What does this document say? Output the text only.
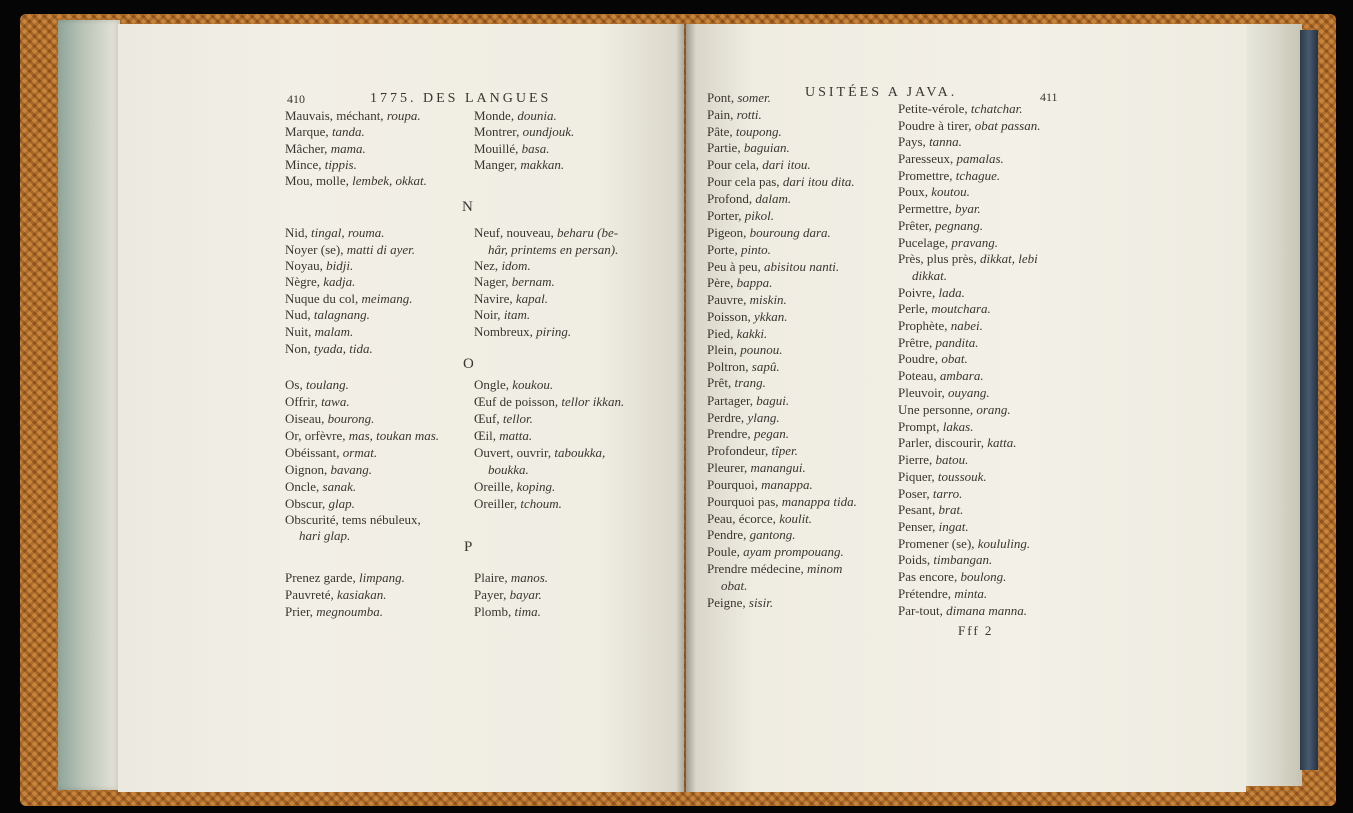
410	1775. DES LANGUES	USITÉES A JAVA.	411
N
O
P
Fff 2
Mauvais, méchant, roupa.
Marque, tanda.
Mâcher, mama.
Mince, tippis.
Mou, molle, lembek, okkat.
Nid, tingal, rouma.
Noyer (se), matti di ayer.
Noyau, bidji.
Nègre, kadja.
Nuque du col, meimang.
Nud, talagnang.
Nuit, malam.
Non, tyada, tida.
Os, toulang.
Offrir, tawa.
Oiseau, bourong.
Or, orfèvre, mas, toukan mas.
Obéissant, ormat.
Oignon, bavang.
Oncle, sanak.
Obscur, glap.
Obscurité, tems nébuleux,
hari glap.
Prenez garde, limpang.
Pauvreté, kasiakan.
Prier, megnoumba.
Monde, dounia.
Montrer, oundjouk.
Mouillé, basa.
Manger, makkan.
Neuf, nouveau, beharu (be-
hâr, printems en persan).
Nez, idom.
Nager, bernam.
Navire, kapal.
Noir, itam.
Nombreux, piring.
Ongle, koukou.
Œuf de poisson, tellor ikkan.
Œuf, tellor.
Œil, matta.
Ouvert, ouvrir, taboukka,
boukka.
Oreille, koping.
Oreiller, tchoum.
Plaire, manos.
Payer, bayar.
Plomb, tima.
Pont, somer.
Pain, rotti.
Pâte, toupong.
Partie, baguian.
Pour cela, dari itou.
Pour cela pas, dari itou dita.
Profond, dalam.
Porter, pikol.
Pigeon, bouroung dara.
Porte, pinto.
Peu à peu, abisitou nanti.
Père, bappa.
Pauvre, miskin.
Poisson, ykkan.
Pied, kakki.
Plein, pounou.
Poltron, sapû.
Prêt, trang.
Partager, bagui.
Perdre, ylang.
Prendre, pegan.
Profondeur, tîper.
Pleurer, manangui.
Pourquoi, manappa.
Pourquoi pas, manappa tida.
Peau, écorce, koulit.
Pendre, gantong.
Poule, ayam prompouang.
Prendre médecine, minom
obat.
Peigne, sisir.
Petite-vérole, tchatchar.
Poudre à tirer, obat passan.
Pays, tanna.
Paresseux, pamalas.
Promettre, tchague.
Poux, koutou.
Permettre, byar.
Prêter, pegnang.
Pucelage, pravang.
Près, plus près, dikkat, lebi
dikkat.
Poivre, lada.
Perle, moutchara.
Prophète, nabei.
Prêtre, pandita.
Poudre, obat.
Poteau, ambara.
Pleuvoir, ouyang.
Une personne, orang.
Prompt, lakas.
Parler, discourir, katta.
Pierre, batou.
Piquer, toussouk.
Poser, tarro.
Pesant, brat.
Penser, ingat.
Promener (se), koululing.
Poids, timbangan.
Pas encore, boulong.
Prétendre, minta.
Par-tout, dimana manna.
